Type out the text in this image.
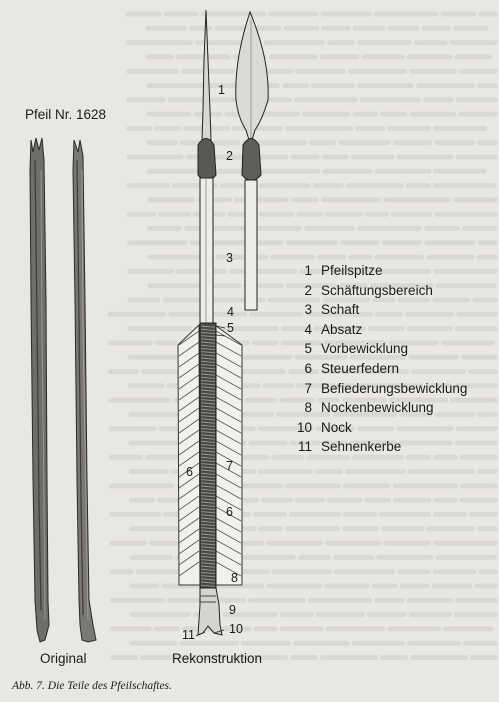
Pfeil Nr. 1628
Original	Rekonstruktion
1
2
3
4
5
6	7
6
8
9
10
11
1 Pfeilspitze
2 Schäftungsbereich
3 Schaft
4 Absatz
5 Vorbewicklung
6 Steuerfedern
7 Befiederungsbewicklung
8 Nockenbewicklung
10 Nock
11 Sehnenkerbe
Abb. 7. Die Teile des Pfeilschaftes.
